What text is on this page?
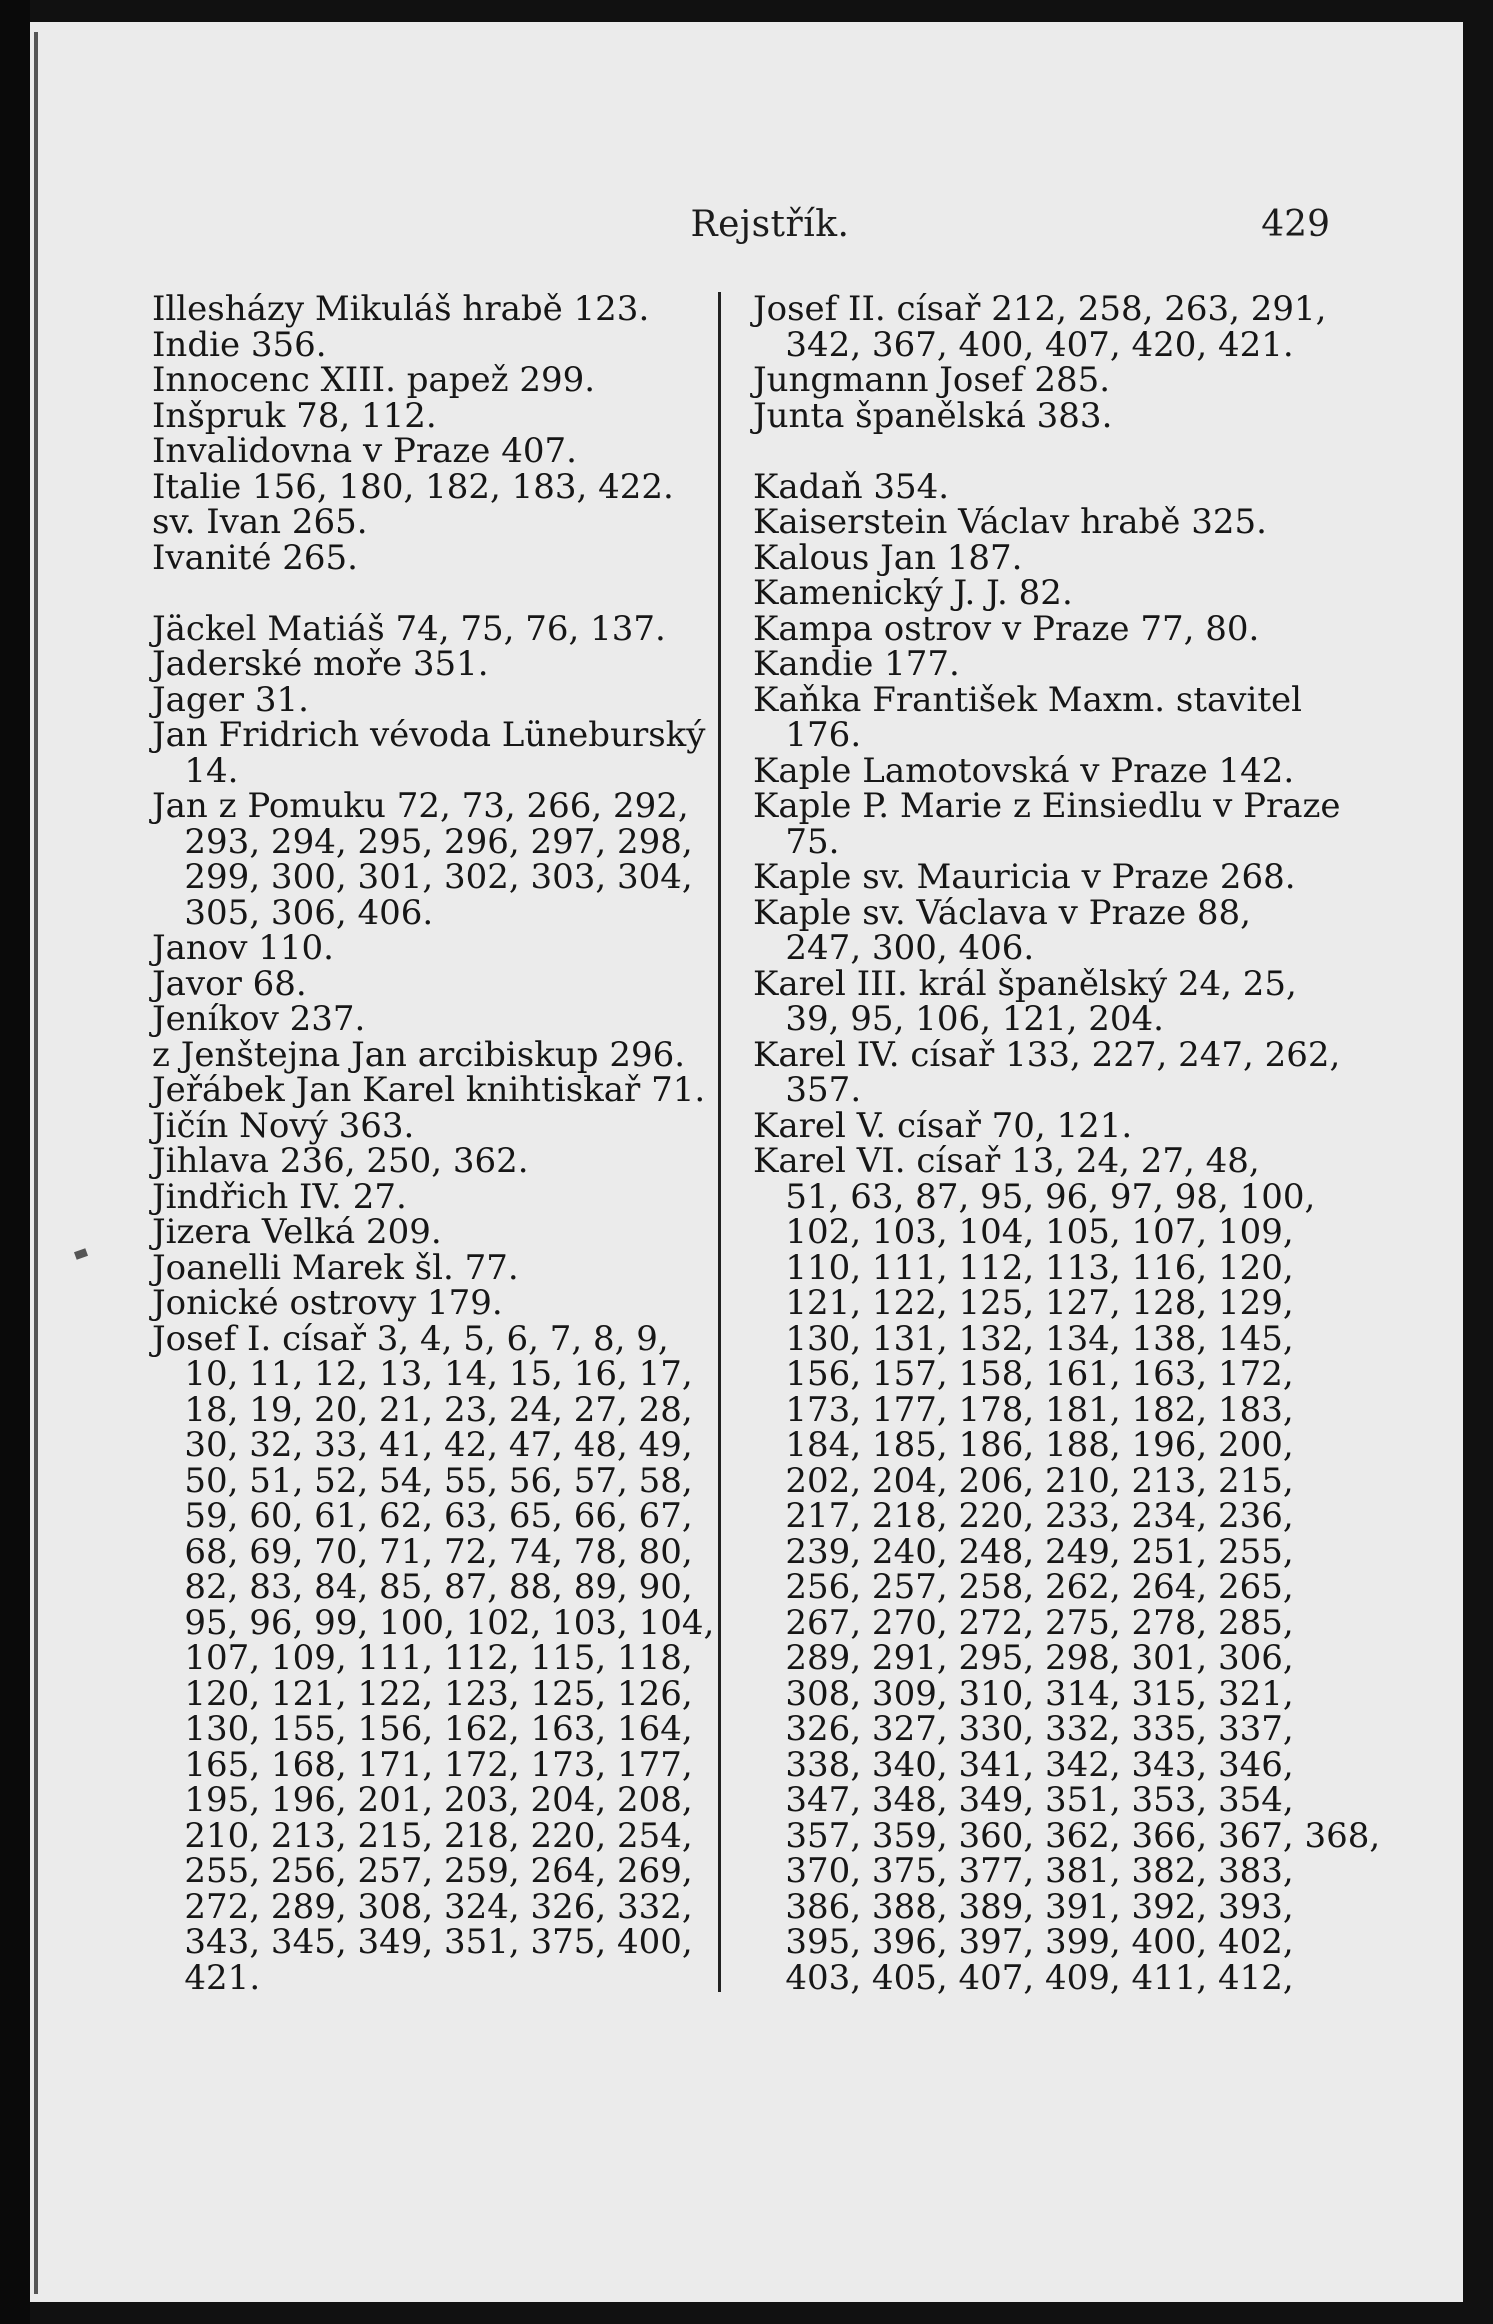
Rejstřík.	429
Illesházy Mikuláš hrabě 123.
Indie 356.
Innocenc XIII. papež 299.
Inšpruk 78, 112.
Invalidovna v Praze 407.
Italie 156, 180, 182, 183, 422.
sv. Ivan 265.
Ivanité 265.
Jäckel Matiáš 74, 75, 76, 137.
Jaderské moře 351.
Jager 31.
Jan Fridrich vévoda Lüneburský
14.
Jan z Pomuku 72, 73, 266, 292,
293, 294, 295, 296, 297, 298,
299, 300, 301, 302, 303, 304,
305, 306, 406.
Janov 110.
Javor 68.
Jeníkov 237.
z Jenštejna Jan arcibiskup 296.
Jeřábek Jan Karel knihtiskař 71.
Jičín Nový 363.
Jihlava 236, 250, 362.
Jindřich IV. 27.
Jizera Velká 209.
Joanelli Marek šl. 77.
Jonické ostrovy 179.
Josef I. císař 3, 4, 5, 6, 7, 8, 9,
10, 11, 12, 13, 14, 15, 16, 17,
18, 19, 20, 21, 23, 24, 27, 28,
30, 32, 33, 41, 42, 47, 48, 49,
50, 51, 52, 54, 55, 56, 57, 58,
59, 60, 61, 62, 63, 65, 66, 67,
68, 69, 70, 71, 72, 74, 78, 80,
82, 83, 84, 85, 87, 88, 89, 90,
95, 96, 99, 100, 102, 103, 104,
107, 109, 111, 112, 115, 118,
120, 121, 122, 123, 125, 126,
130, 155, 156, 162, 163, 164,
165, 168, 171, 172, 173, 177,
195, 196, 201, 203, 204, 208,
210, 213, 215, 218, 220, 254,
255, 256, 257, 259, 264, 269,
272, 289, 308, 324, 326, 332,
343, 345, 349, 351, 375, 400,
421.
Josef II. císař 212, 258, 263, 291,
342, 367, 400, 407, 420, 421.
Jungmann Josef 285.
Junta španělská 383.
Kadaň 354.
Kaiserstein Václav hrabě 325.
Kalous Jan 187.
Kamenický J. J. 82.
Kampa ostrov v Praze 77, 80.
Kandie 177.
Kaňka František Maxm. stavitel
176.
Kaple Lamotovská v Praze 142.
Kaple P. Marie z Einsiedlu v Praze
75.
Kaple sv. Mauricia v Praze 268.
Kaple sv. Václava v Praze 88,
247, 300, 406.
Karel III. král španělský 24, 25,
39, 95, 106, 121, 204.
Karel IV. císař 133, 227, 247, 262,
357.
Karel V. císař 70, 121.
Karel VI. císař 13, 24, 27, 48,
51, 63, 87, 95, 96, 97, 98, 100,
102, 103, 104, 105, 107, 109,
110, 111, 112, 113, 116, 120,
121, 122, 125, 127, 128, 129,
130, 131, 132, 134, 138, 145,
156, 157, 158, 161, 163, 172,
173, 177, 178, 181, 182, 183,
184, 185, 186, 188, 196, 200,
202, 204, 206, 210, 213, 215,
217, 218, 220, 233, 234, 236,
239, 240, 248, 249, 251, 255,
256, 257, 258, 262, 264, 265,
267, 270, 272, 275, 278, 285,
289, 291, 295, 298, 301, 306,
308, 309, 310, 314, 315, 321,
326, 327, 330, 332, 335, 337,
338, 340, 341, 342, 343, 346,
347, 348, 349, 351, 353, 354,
357, 359, 360, 362, 366, 367, 368,
370, 375, 377, 381, 382, 383,
386, 388, 389, 391, 392, 393,
395, 396, 397, 399, 400, 402,
403, 405, 407, 409, 411, 412,
